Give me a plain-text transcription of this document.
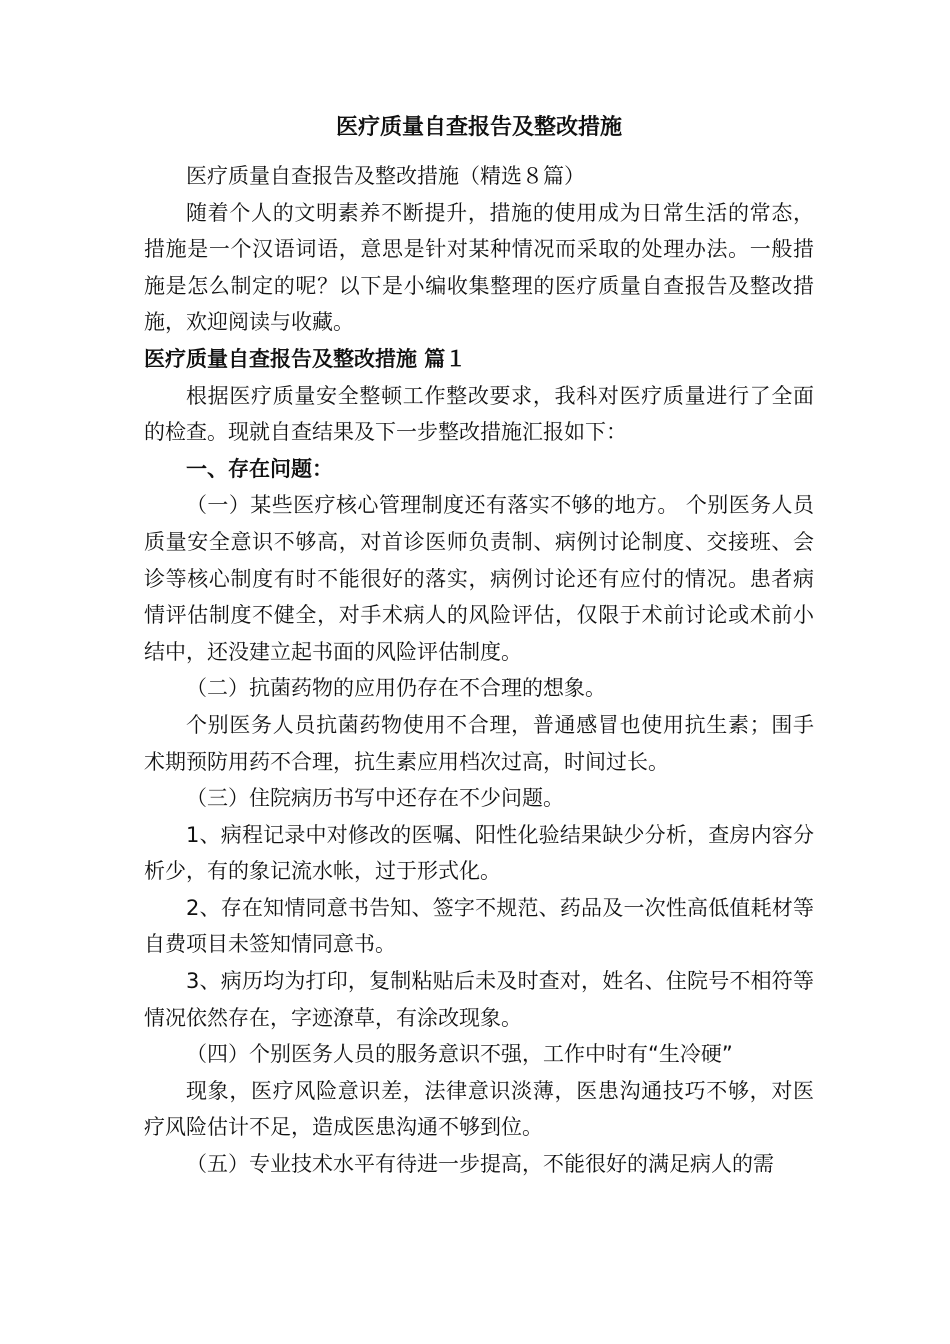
医疗质量自查报告及整改措施

医疗质量自查报告及整改措施（精选８篇）

随着个人的文明素养不断提升，措施的使用成为日常生活的常态，措施是一个汉语词语，意思是针对某种情况而采取的处理办法。一般措施是怎么制定的呢？以下是小编收集整理的医疗质量自查报告及整改措施，欢迎阅读与收藏。

医疗质量自查报告及整改措施 篇１

根据医疗质量安全整顿工作整改要求，我科对医疗质量进行了全面的检查。现就自查结果及下一步整改措施汇报如下：

一、存在问题：

（一）某些医疗核心管理制度还有落实不够的地方。 个别医务人员质量安全意识不够高，对首诊医师负责制、病例讨论制度、交接班、会诊等核心制度有时不能很好的落实，病例讨论还有应付的情况。患者病情评估制度不健全，对手术病人的风险评估，仅限于术前讨论或术前小结中，还没建立起书面的风险评估制度。

（二）抗菌药物的应用仍存在不合理的想象。

个别医务人员抗菌药物使用不合理，普通感冒也使用抗生素；围手术期预防用药不合理，抗生素应用档次过高，时间过长。

（三）住院病历书写中还存在不少问题。

1、病程记录中对修改的医嘱、阳性化验结果缺少分析，查房内容分析少，有的象记流水帐，过于形式化。

2、存在知情同意书告知、签字不规范、药品及一次性高低值耗材等自费项目未签知情同意书。

3、病历均为打印，复制粘贴后未及时查对，姓名、住院号不相符等情况依然存在，字迹潦草，有涂改现象。

（四）个别医务人员的服务意识不强，工作中时有“生冷硬”

现象，医疗风险意识差，法律意识淡薄，医患沟通技巧不够，对医疗风险估计不足，造成医患沟通不够到位。

（五）专业技术水平有待进一步提高，不能很好的满足病人的需
